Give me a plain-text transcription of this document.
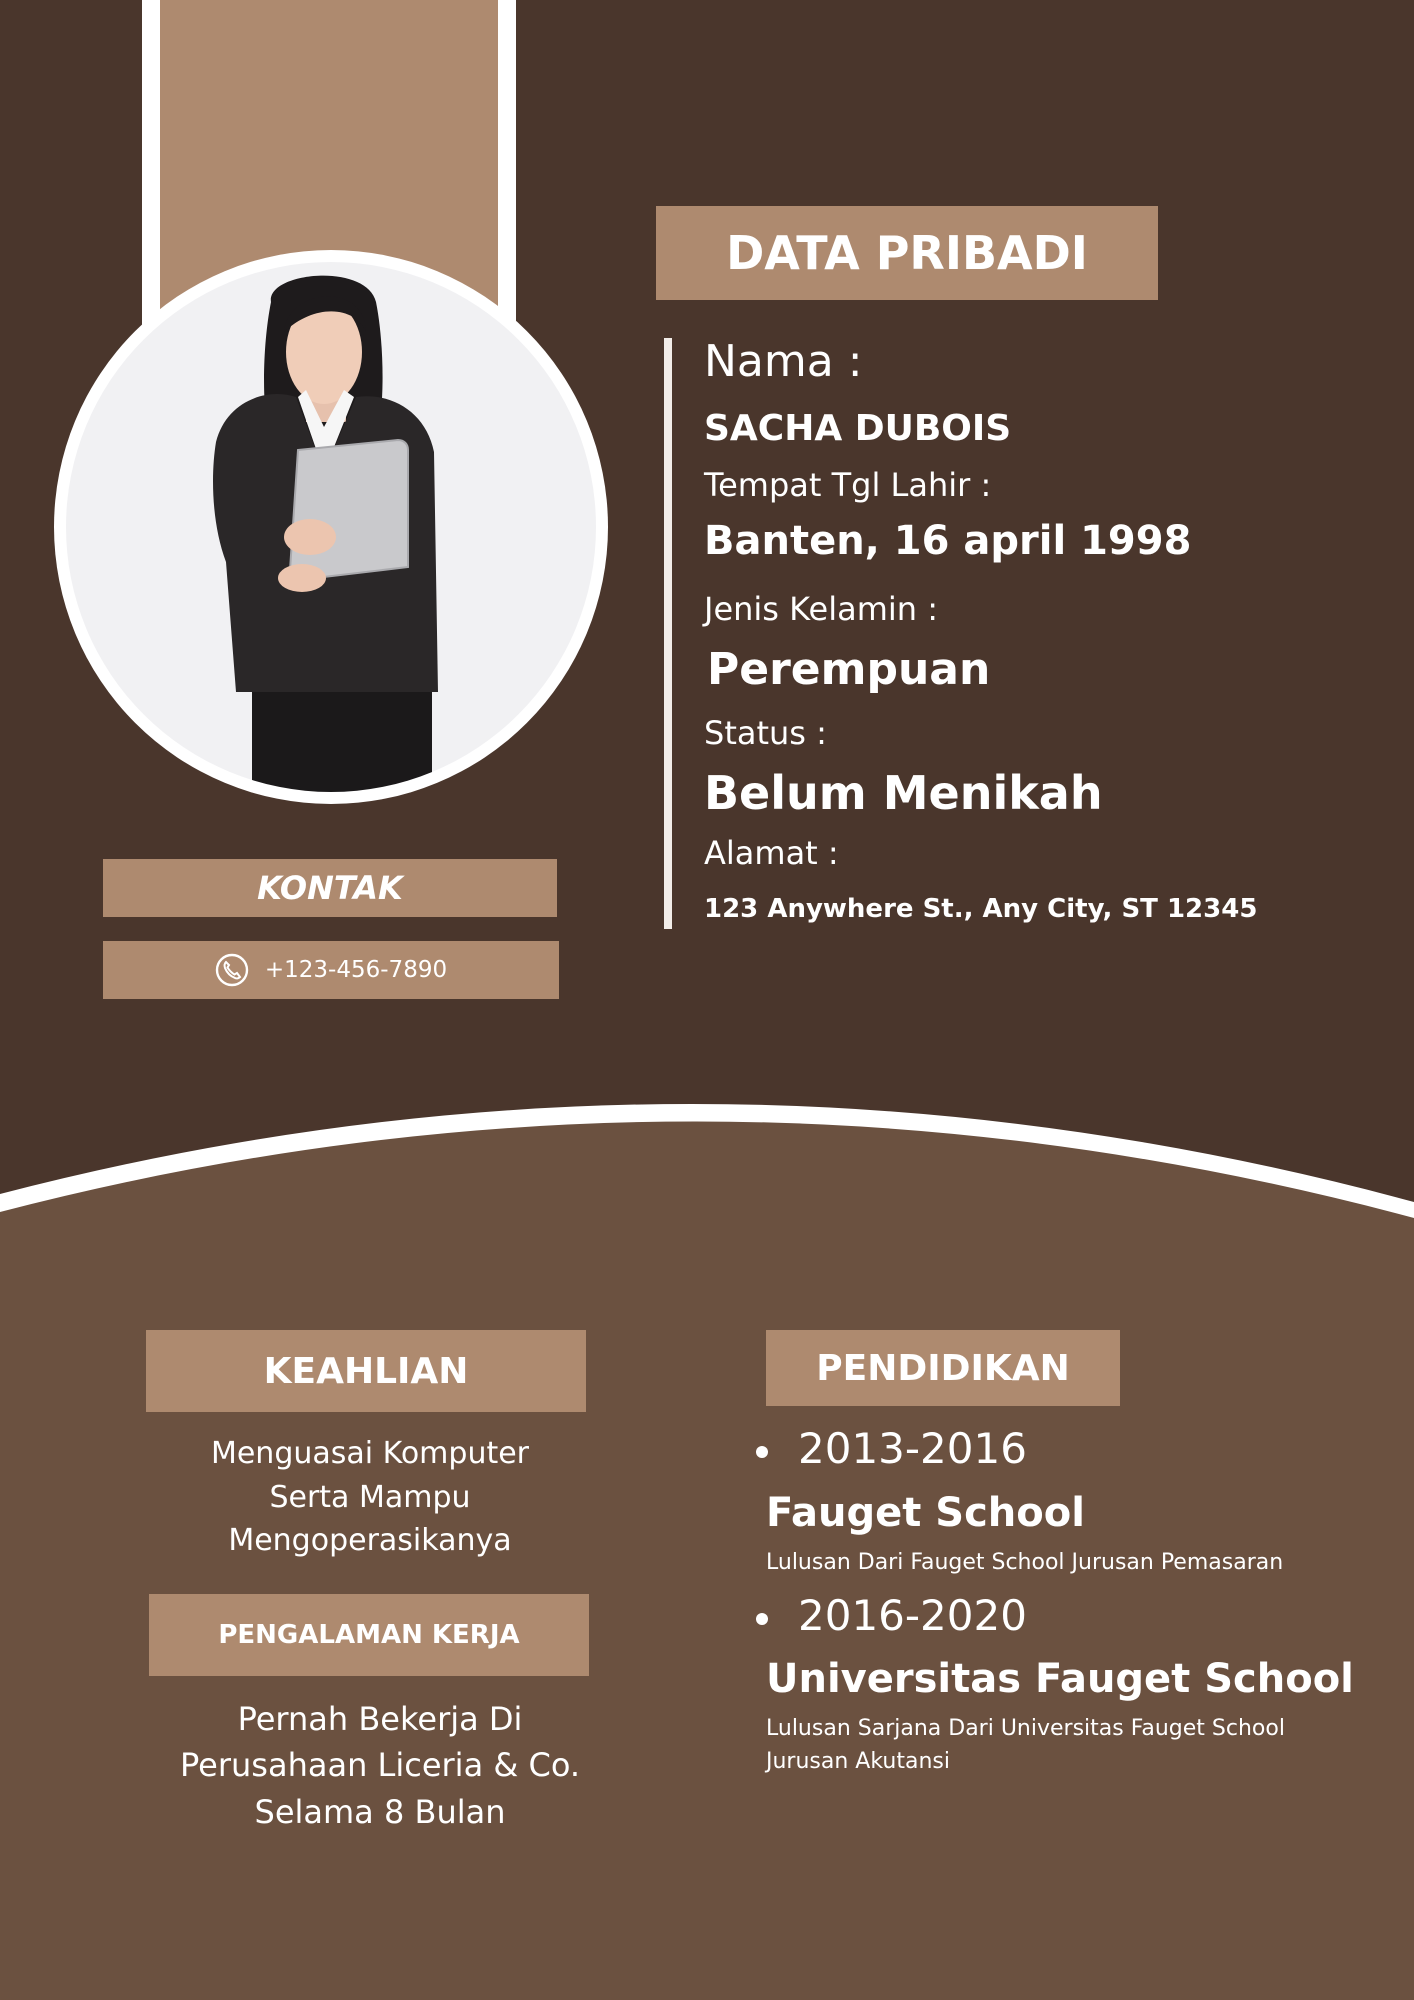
DATA PRIBADI
Nama :
SACHA DUBOIS
Tempat Tgl Lahir :
Banten, 16 april 1998
Jenis Kelamin :
Perempuan
Status :
Belum Menikah
Alamat :
123 Anywhere St., Any City, ST 12345
KONTAK
+123-456-7890
KEAHLIAN
Menguasai Komputer
Serta Mampu
Mengoperasikanya
PENGALAMAN KERJA
Pernah Bekerja Di
Perusahaan Liceria & Co.
Selama 8 Bulan
PENDIDIKAN
2013-2016
Fauget School
Lulusan Dari Fauget School Jurusan Pemasaran
2016-2020
Universitas Fauget School
Lulusan Sarjana Dari Universitas Fauget School Jurusan Akutansi
